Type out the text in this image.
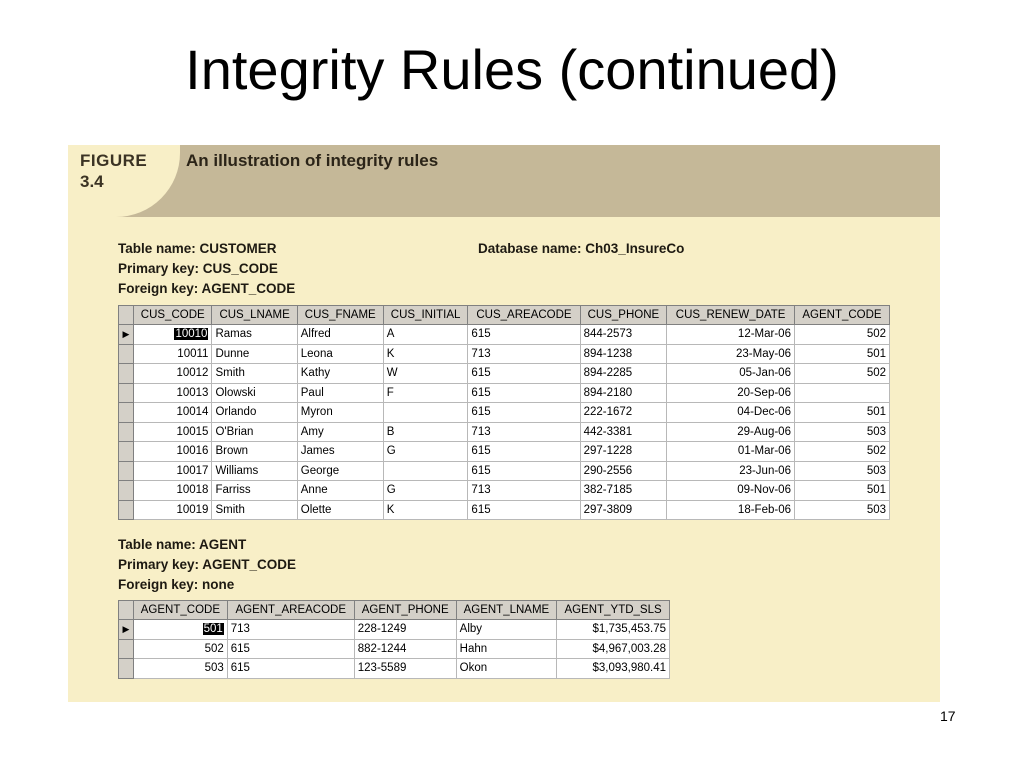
Integrity Rules (continued)
FIGURE
3.4
An illustration of integrity rules
Table name: CUSTOMER
Primary key: CUS_CODE
Foreign key: AGENT_CODE
Database name: Ch03_InsureCo
	CUS_CODE	CUS_LNAME	CUS_FNAME	CUS_INITIAL	CUS_AREACODE	CUS_PHONE	CUS_RENEW_DATE	AGENT_CODE
▶	10010	Ramas	Alfred	A	615	844-2573	12-Mar-06	502
	10011	Dunne	Leona	K	713	894-1238	23-May-06	501
	10012	Smith	Kathy	W	615	894-2285	05-Jan-06	502
	10013	Olowski	Paul	F	615	894-2180	20-Sep-06	
	10014	Orlando	Myron		615	222-1672	04-Dec-06	501
	10015	O'Brian	Amy	B	713	442-3381	29-Aug-06	503
	10016	Brown	James	G	615	297-1228	01-Mar-06	502
	10017	Williams	George		615	290-2556	23-Jun-06	503
	10018	Farriss	Anne	G	713	382-7185	09-Nov-06	501
	10019	Smith	Olette	K	615	297-3809	18-Feb-06	503
Table name: AGENT
Primary key: AGENT_CODE
Foreign key: none
	AGENT_CODE	AGENT_AREACODE	AGENT_PHONE	AGENT_LNAME	AGENT_YTD_SLS
▶	501	713	228-1249	Alby	$1,735,453.75
	502	615	882-1244	Hahn	$4,967,003.28
	503	615	123-5589	Okon	$3,093,980.41
17
